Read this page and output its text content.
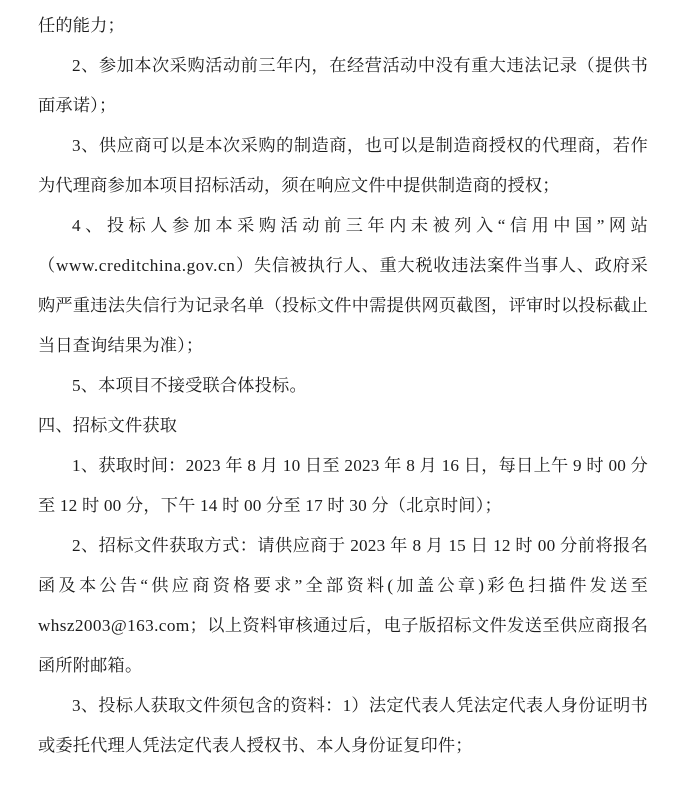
任的能力；

2、参加本次采购活动前三年内，在经营活动中没有重大违法记录（提供书面承诺）；

3、供应商可以是本次采购的制造商，也可以是制造商授权的代理商，若作为代理商参加本项目招标活动，须在响应文件中提供制造商的授权；

4、投标人参加本采购活动前三年内未被列入“信用中国”网站（www.creditchina.gov.cn）失信被执行人、重大税收违法案件当事人、政府采购严重违法失信行为记录名单（投标文件中需提供网页截图，评审时以投标截止当日查询结果为准）；

5、本项目不接受联合体投标。

四、招标文件获取

1、获取时间：2023 年 8 月 10 日至 2023 年 8 月 16 日，每日上午 9 时 00 分至 12 时 00 分，下午 14 时 00 分至 17 时 30 分（北京时间）；

2、招标文件获取方式：请供应商于 2023 年 8 月 15 日 12 时 00 分前将报名函及本公告“供应商资格要求”全部资料(加盖公章)彩色扫描件发送至 whsz2003@163.com；以上资料审核通过后，电子版招标文件发送至供应商报名函所附邮箱。

3、投标人获取文件须包含的资料：1）法定代表人凭法定代表人身份证明书或委托代理人凭法定代表人授权书、本人身份证复印件；
